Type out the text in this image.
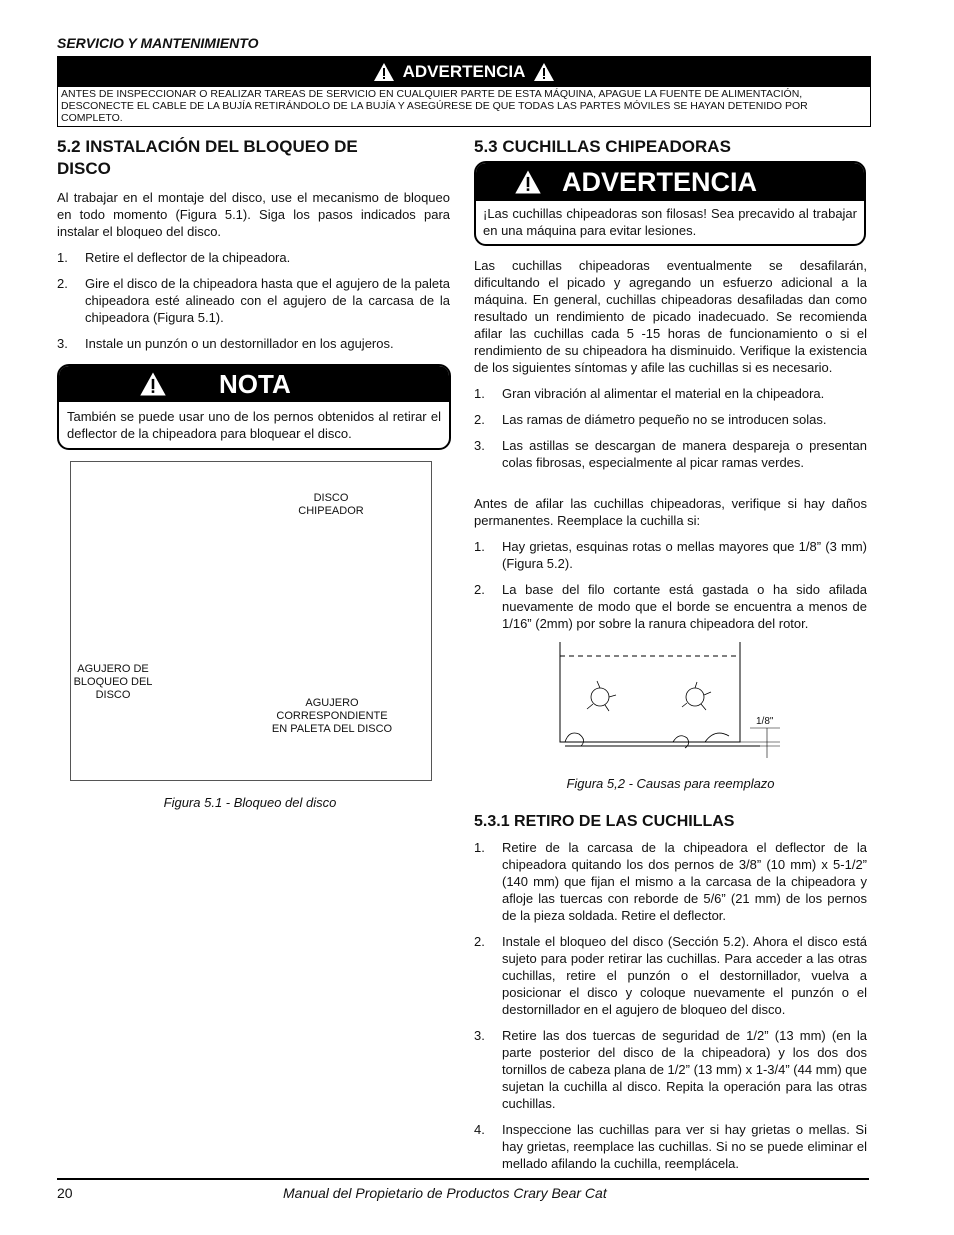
SERVICIO Y MANTENIMIENTO
ADVERTENCIA
ANTES DE INSPECCIONAR O REALIZAR TAREAS DE SERVICIO EN CUALQUIER PARTE DE ESTA MÁQUINA, APAGUE LA FUENTE DE ALIMENTACIÓN, DESCONECTE EL CABLE DE LA BUJÍA RETIRÁNDOLO DE LA BUJÍA Y ASEGÚRESE DE QUE TODAS LAS PARTES MÓVILES SE HAYAN DETENIDO POR COMPLETO.
5.2 INSTALACIÓN DEL BLOQUEO DE DISCO

Al trabajar en el montaje del disco, use el mecanismo de bloqueo en todo momento (Figura 5.1). Siga los pasos indicados para instalar el bloqueo del disco.

1. Retire el deflector de la chipeadora.
2. Gire el disco de la chipeadora hasta que el agujero de la paleta chipeadora esté alineado con el agujero de la carcasa de la chipeadora (Figura 5.1).
3. Instale un punzón o un destornillador en los agujeros.
NOTA
También se puede usar uno de los pernos obtenidos al retirar el deflector de la chipeadora para bloquear el disco.
DISCO
CHIPEADOR
AGUJERO DE
BLOQUEO DEL
DISCO
AGUJERO
CORRESPONDIENTE
EN PALETA DEL DISCO
Figura 5.1 - Bloqueo del disco
5.3 CUCHILLAS CHIPEADORAS
ADVERTENCIA
¡Las cuchillas chipeadoras son filosas! Sea precavido al trabajar en una máquina para evitar lesiones.

Las cuchillas chipeadoras eventualmente se desafilarán, dificultando el picado y agregando un esfuerzo adicional a la máquina. En general, cuchillas chipeadoras desafiladas dan como resultado un rendimiento de picado inadecuado. Se recomienda afilar las cuchillas cada 5 -15 horas de funcionamiento o si el rendimiento de su chipeadora ha disminuido. Verifique la existencia de los siguientes síntomas y afile las cuchillas si es necesario.

1. Gran vibración al alimentar el material en la chipeadora.
2. Las ramas de diámetro pequeño no se introducen solas.
3. Las astillas se descargan de manera despareja o presentan colas fibrosas, especialmente al picar ramas verdes.

Antes de afilar las cuchillas chipeadoras, verifique si hay daños permanentes. Reemplace la cuchilla si:

1. Hay grietas, esquinas rotas o mellas mayores que 1/8” (3 mm) (Figura 5.2).
2. La base del filo cortante está gastada o ha sido afilada nuevamente de modo que el borde se encuentra a menos de 1/16” (2mm) por sobre la ranura chipeadora del rotor.
1/8"
Figura 5,2 - Causas para reemplazo
5.3.1 RETIRO DE LAS CUCHILLAS
1. Retire de la carcasa de la chipeadora el deflector de la chipeadora quitando los dos pernos de 3/8” (10 mm) x 5-1/2” (140 mm) que fijan el mismo a la carcasa de la chipeadora y afloje las tuercas con reborde de 5/6” (21 mm) de los pernos de la pieza soldada. Retire el deflector.
2. Instale el bloqueo del disco (Sección 5.2). Ahora el disco está sujeto para poder retirar las cuchillas. Para acceder a las otras cuchillas, retire el punzón o el destornillador, vuelva a posicionar el disco y coloque nuevamente el punzón o el destornillador en el agujero de bloqueo del disco.
3. Retire las dos tuercas de seguridad de 1/2” (13 mm) (en la parte posterior del disco de la chipeadora) y los dos dos tornillos de cabeza plana de 1/2” (13 mm) x 1-3/4” (44 mm) que sujetan la cuchilla al disco. Repita la operación para las otras cuchillas.
4. Inspeccione las cuchillas para ver si hay grietas o mellas. Si hay grietas, reemplace las cuchillas. Si no se puede eliminar el mellado afilando la cuchilla, reemplácela.
20	Manual del Propietario de Productos Crary Bear Cat
